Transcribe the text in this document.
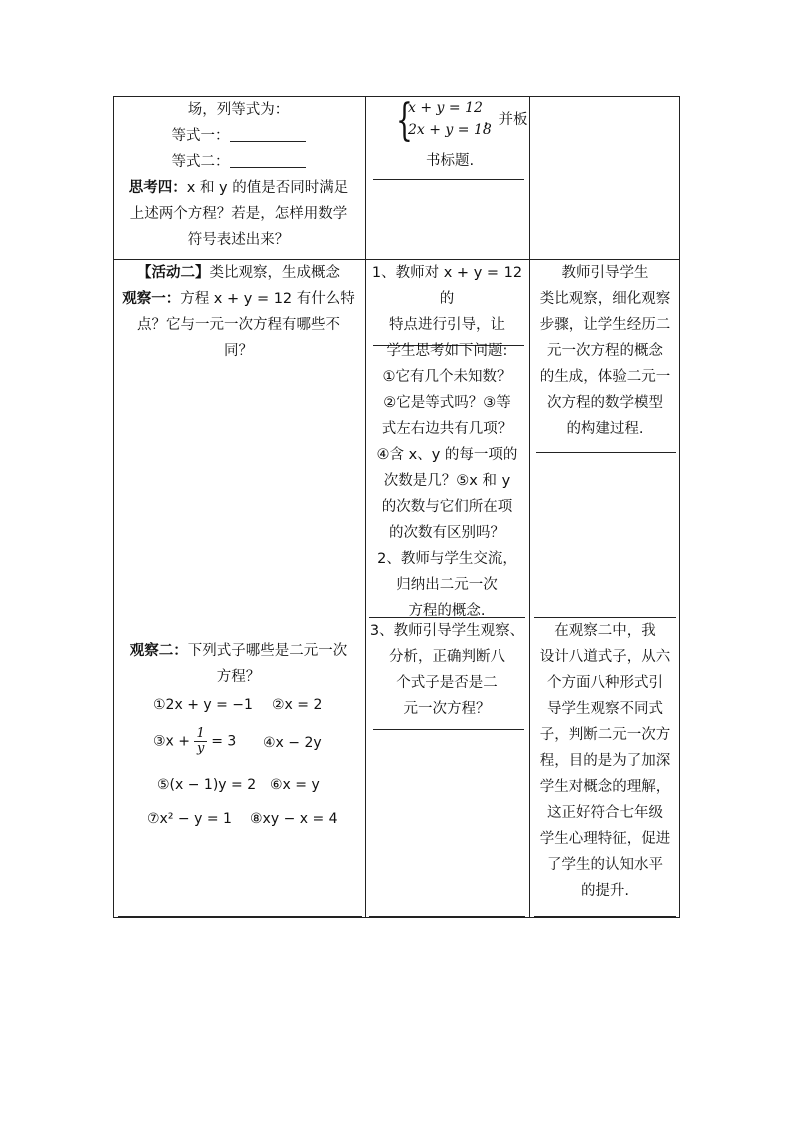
场，列等式为：
等式一：
等式二：
思考四：x 和 y 的值是否同时满足
上述两个方程？若是，怎样用数学
符号表述出来？
{
x + y = 12
2x + y = 18
，并板
书标题.
【活动二】类比观察，生成概念
观察一：方程 x + y = 12 有什么特
点？它与一元一次方程有哪些不
同？
1、教师对 x + y = 12 的
特点进行引导，让
学生思考如下问题:
①它有几个未知数？
②它是等式吗？③等
式左右边共有几项？
④含 x、y 的每一项的
次数是几？⑤x 和 y
的次数与它们所在项
的次数有区别吗？
2、教师与学生交流，
归纳出二元一次
方程的概念.
教师引导学生
类比观察，细化观察
步骤，让学生经历二
元一次方程的概念
的生成，体验二元一
次方程的数学模型
的构建过程.
观察二：下列式子哪些是二元一次
方程？
①2x + y = −1 ②x = 2
③x + $\frac{1}{y} = 3$ ④x − 2y
⑤(x − 1)y = 2 ⑥x = y
⑦x² − y = 1 ⑧xy − x = 4
3、教师引导学生观察、
分析，正确判断八
个式子是否是二
元一次方程？
在观察二中，我
设计八道式子，从六
个方面八种形式引
导学生观察不同式
子，判断二元一次方
程，目的是为了加深
学生对概念的理解，
这正好符合七年级
学生心理特征，促进
了学生的认知水平
的提升.
